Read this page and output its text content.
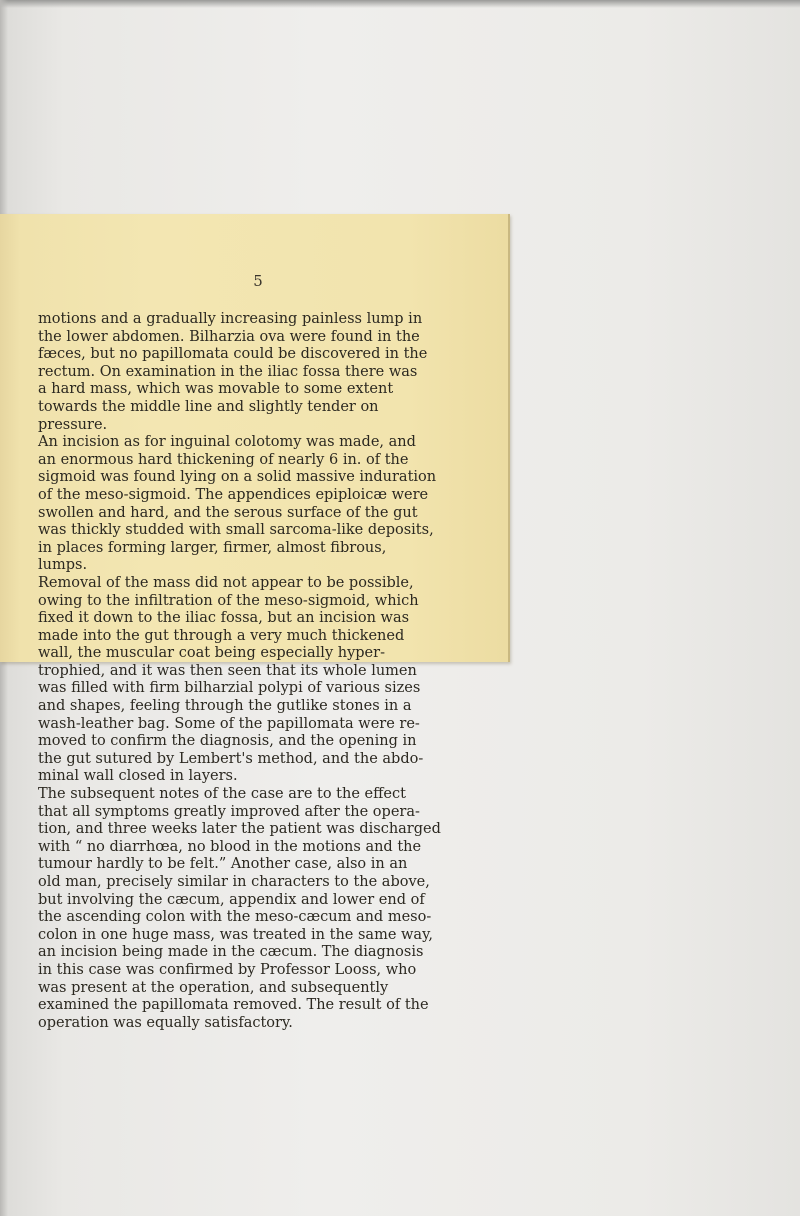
5
motions and a gradually increasing painless lump in
the lower abdomen. Bilharzia ova were found in the
fæces, but no papillomata could be discovered in the
rectum. On examination in the iliac fossa there was
a hard mass, which was movable to some extent
towards the middle line and slightly tender on
pressure.
An incision as for inguinal colotomy was made, and
an enormous hard thickening of nearly 6 in. of the
sigmoid was found lying on a solid massive induration
of the meso-sigmoid. The appendices epiploicæ were
swollen and hard, and the serous surface of the gut
was thickly studded with small sarcoma-like deposits,
in places forming larger, firmer, almost fibrous,
lumps.
Removal of the mass did not appear to be possible,
owing to the infiltration of the meso-sigmoid, which
fixed it down to the iliac fossa, but an incision was
made into the gut through a very much thickened
wall, the muscular coat being especially hyper-
trophied, and it was then seen that its whole lumen
was filled with firm bilharzial polypi of various sizes
and shapes, feeling through the gutlike stones in a
wash-leather bag. Some of the papillomata were re-
moved to confirm the diagnosis, and the opening in
the gut sutured by Lembert's method, and the abdo-
minal wall closed in layers.
The subsequent notes of the case are to the effect
that all symptoms greatly improved after the opera-
tion, and three weeks later the patient was discharged
with “ no diarrhœa, no blood in the motions and the
tumour hardly to be felt.” Another case, also in an
old man, precisely similar in characters to the above,
but involving the cæcum, appendix and lower end of
the ascending colon with the meso-cæcum and meso-
colon in one huge mass, was treated in the same way,
an incision being made in the cæcum. The diagnosis
in this case was confirmed by Professor Looss, who
was present at the operation, and subsequently
examined the papillomata removed. The result of the
operation was equally satisfactory.
